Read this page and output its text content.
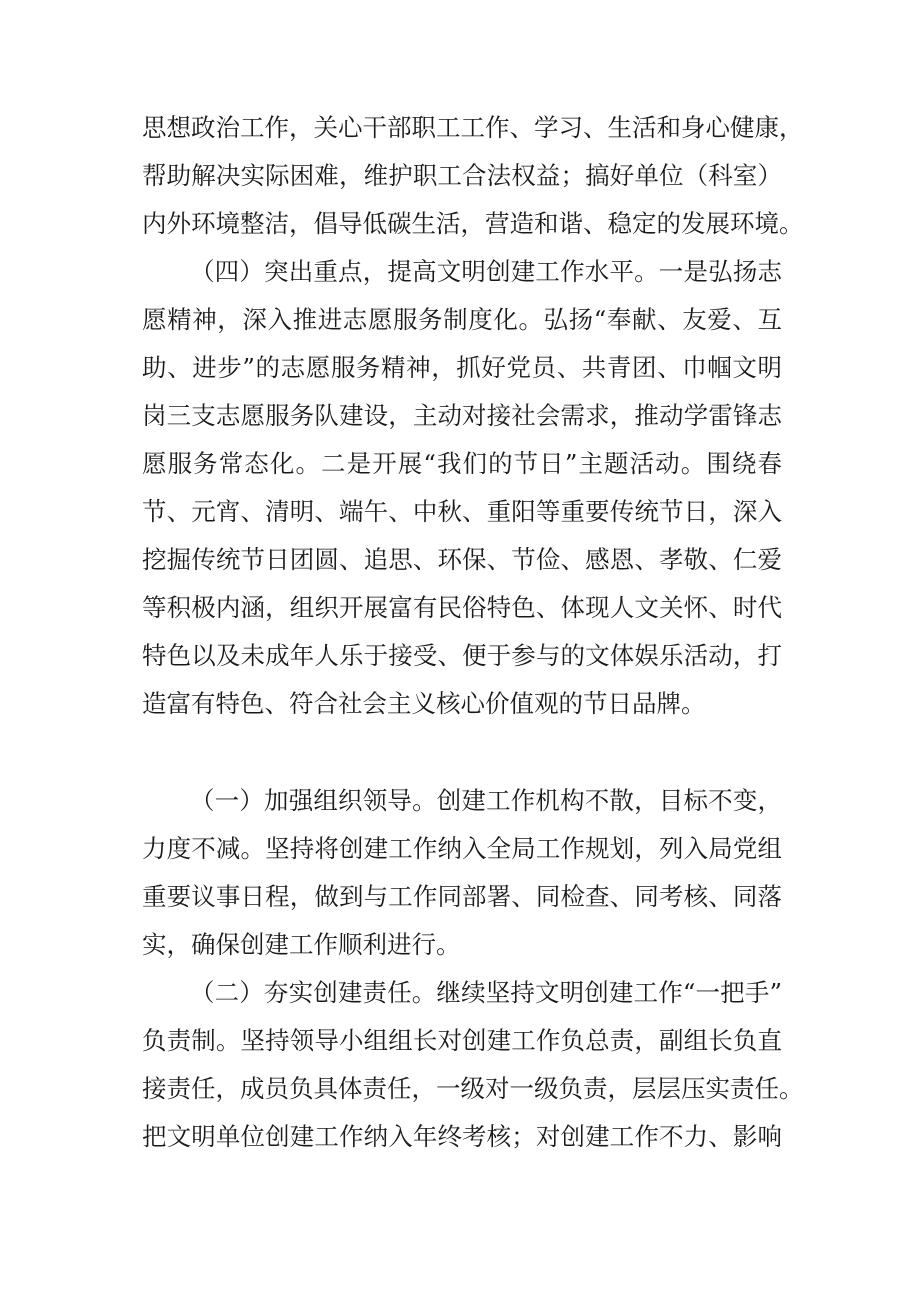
思想政治工作，关心干部职工工作、学习、生活和身心健康，
帮助解决实际困难，维护职工合法权益；搞好单位（科室）
内外环境整洁，倡导低碳生活，营造和谐、稳定的发展环境。
（四）突出重点，提高文明创建工作水平。一是弘扬志
愿精神，深入推进志愿服务制度化。弘扬“奉献、友爱、互
助、进步”的志愿服务精神，抓好党员、共青团、巾帼文明
岗三支志愿服务队建设，主动对接社会需求，推动学雷锋志
愿服务常态化。二是开展“我们的节日”主题活动。围绕春
节、元宵、清明、端午、中秋、重阳等重要传统节日，深入
挖掘传统节日团圆、追思、环保、节俭、感恩、孝敬、仁爱
等积极内涵，组织开展富有民俗特色、体现人文关怀、时代
特色以及未成年人乐于接受、便于参与的文体娱乐活动，打
造富有特色、符合社会主义核心价值观的节日品牌。
（一）加强组织领导。创建工作机构不散，目标不变，
力度不减。坚持将创建工作纳入全局工作规划，列入局党组
重要议事日程，做到与工作同部署、同检查、同考核、同落
实，确保创建工作顺利进行。
（二）夯实创建责任。继续坚持文明创建工作“一把手”
负责制。坚持领导小组组长对创建工作负总责，副组长负直
接责任，成员负具体责任，一级对一级负责，层层压实责任。
把文明单位创建工作纳入年终考核；对创建工作不力、影响
